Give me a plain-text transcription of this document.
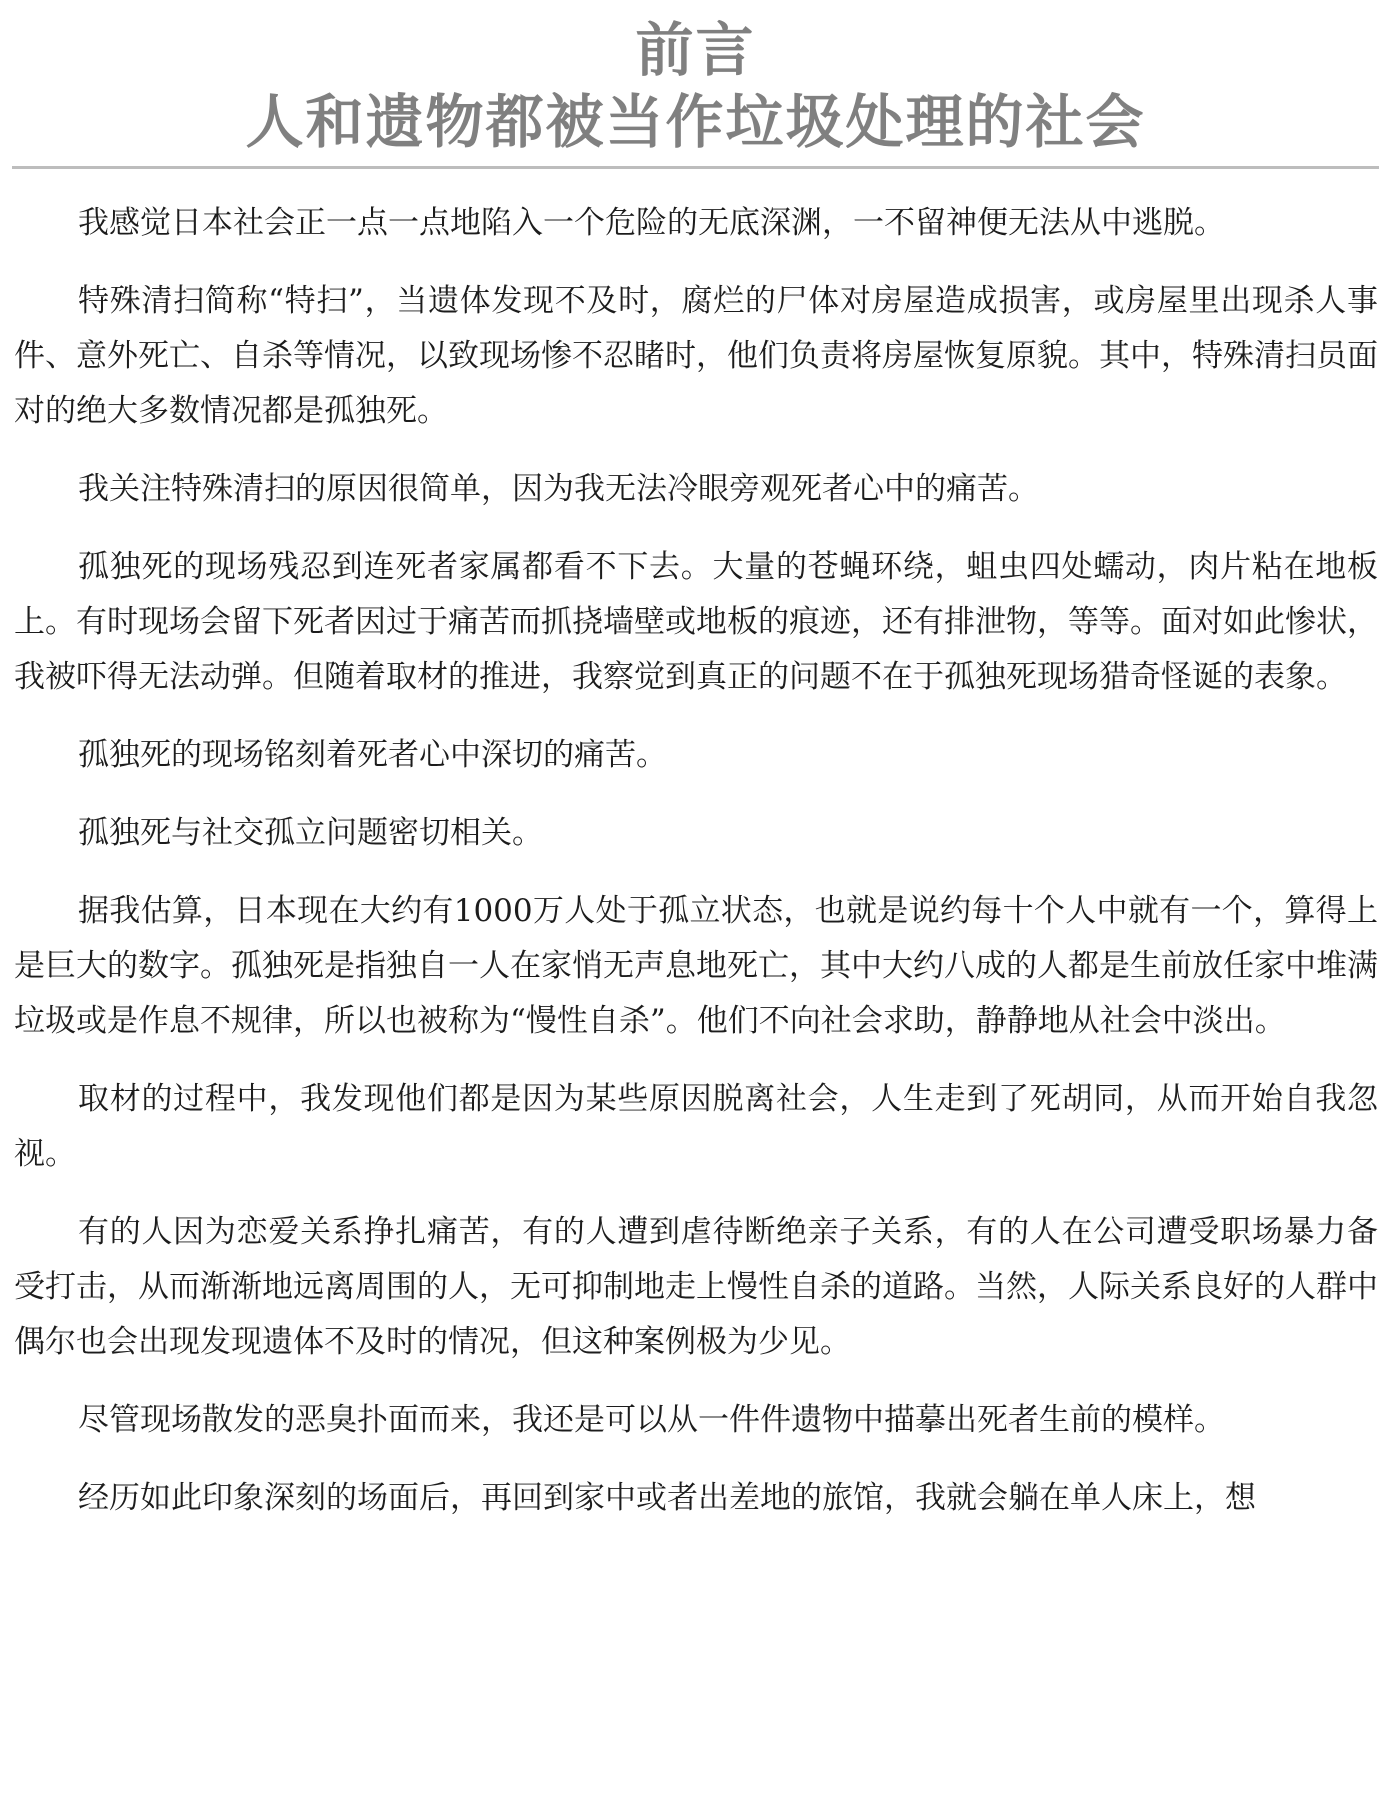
前言
人和遗物都被当作垃圾处理的社会

我感觉日本社会正一点一点地陷入一个危险的无底深渊，一不留神便无法从中逃脱。

特殊清扫简称“特扫”，当遗体发现不及时，腐烂的尸体对房屋造成损害，或房屋里出现杀人事件、意外死亡、自杀等情况，以致现场惨不忍睹时，他们负责将房屋恢复原貌。其中，特殊清扫员面对的绝大多数情况都是孤独死。

我关注特殊清扫的原因很简单，因为我无法冷眼旁观死者心中的痛苦。

孤独死的现场残忍到连死者家属都看不下去。大量的苍蝇环绕，蛆虫四处蠕动，肉片粘在地板上。有时现场会留下死者因过于痛苦而抓挠墙壁或地板的痕迹，还有排泄物，等等。面对如此惨状，我被吓得无法动弹。但随着取材的推进，我察觉到真正的问题不在于孤独死现场猎奇怪诞的表象。

孤独死的现场铭刻着死者心中深切的痛苦。

孤独死与社交孤立问题密切相关。

据我估算，日本现在大约有1000万人处于孤立状态，也就是说约每十个人中就有一个，算得上是巨大的数字。孤独死是指独自一人在家悄无声息地死亡，其中大约八成的人都是生前放任家中堆满垃圾或是作息不规律，所以也被称为“慢性自杀”。他们不向社会求助，静静地从社会中淡出。

取材的过程中，我发现他们都是因为某些原因脱离社会，人生走到了死胡同，从而开始自我忽视。

有的人因为恋爱关系挣扎痛苦，有的人遭到虐待断绝亲子关系，有的人在公司遭受职场暴力备受打击，从而渐渐地远离周围的人，无可抑制地走上慢性自杀的道路。当然，人际关系良好的人群中偶尔也会出现发现遗体不及时的情况，但这种案例极为少见。

尽管现场散发的恶臭扑面而来，我还是可以从一件件遗物中描摹出死者生前的模样。

经历如此印象深刻的场面后，再回到家中或者出差地的旅馆，我就会躺在单人床上，想
